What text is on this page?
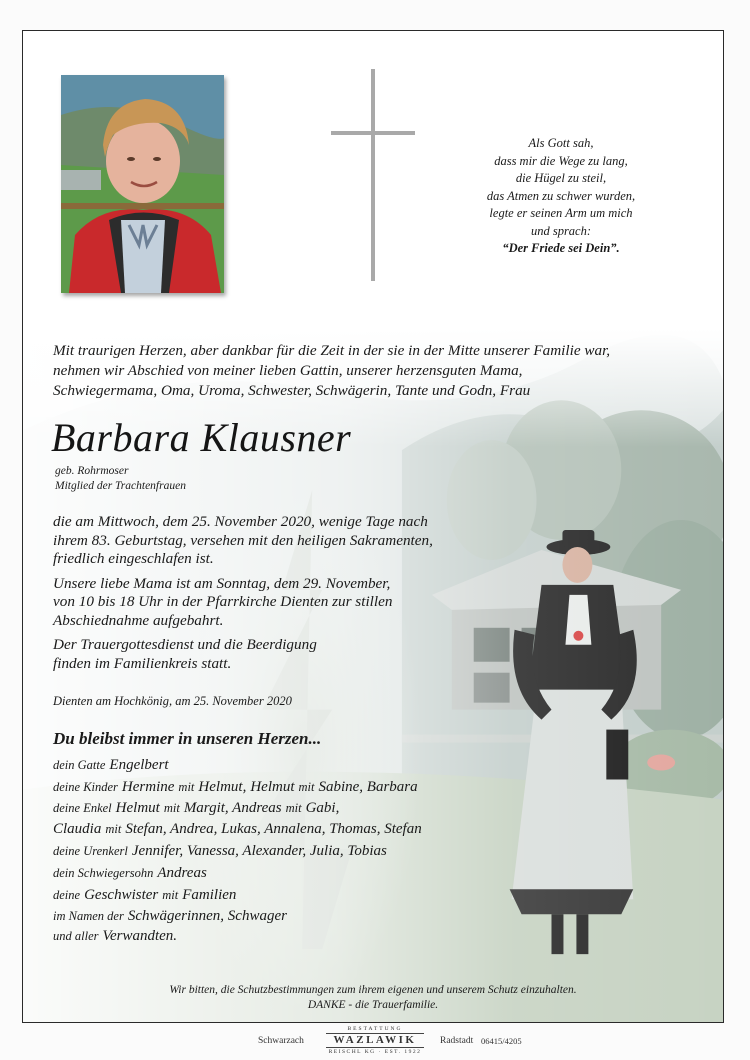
Als Gott sah,
dass mir die Wege zu lang,
die Hügel zu steil,
das Atmen zu schwer wurden,
legte er seinen Arm um mich
und sprach:
“Der Friede sei Dein”.
Mit traurigen Herzen, aber dankbar für die Zeit in der sie in der Mitte unserer Familie war,
nehmen wir Abschied von meiner lieben Gattin, unserer herzensguten Mama,
Schwiegermama, Oma, Uroma, Schwester, Schwägerin, Tante und Godn, Frau
Barbara Klausner
geb. Rohrmoser
Mitglied der Trachtenfrauen

die am Mittwoch, dem 25. November 2020, wenige Tage nach
ihrem 83. Geburtstag, versehen mit den heiligen Sakramenten,
friedlich eingeschlafen ist.

Unsere liebe Mama ist am Sonntag, dem 29. November,
von 10 bis 18 Uhr in der Pfarrkirche Dienten zur stillen
Abschiednahme aufgebahrt.

Der Trauergottesdienst und die Beerdigung
finden im Familienkreis statt.

Dienten am Hochkönig, am 25. November 2020
Du bleibst immer in unseren Herzen...
dein Gatte Engelbert
deine Kinder Hermine mit Helmut, Helmut mit Sabine, Barbara
deine Enkel Helmut mit Margit, Andreas mit Gabi,
Claudia mit Stefan, Andrea, Lukas, Annalena, Thomas, Stefan
deine Urenkerl Jennifer, Vanessa, Alexander, Julia, Tobias
dein Schwiegersohn Andreas
deine Geschwister mit Familien
im Namen der Schwägerinnen, Schwager
und aller Verwandten.
Wir bitten, die Schutzbestimmungen zum ihrem eigenen und unserem Schutz einzuhalten.
DANKE - die Trauerfamilie.
Schwarzach
BESTATTUNG
WAZLAWIK
REISCHL KG · EST. 1922
Radstadt 06415/4205
